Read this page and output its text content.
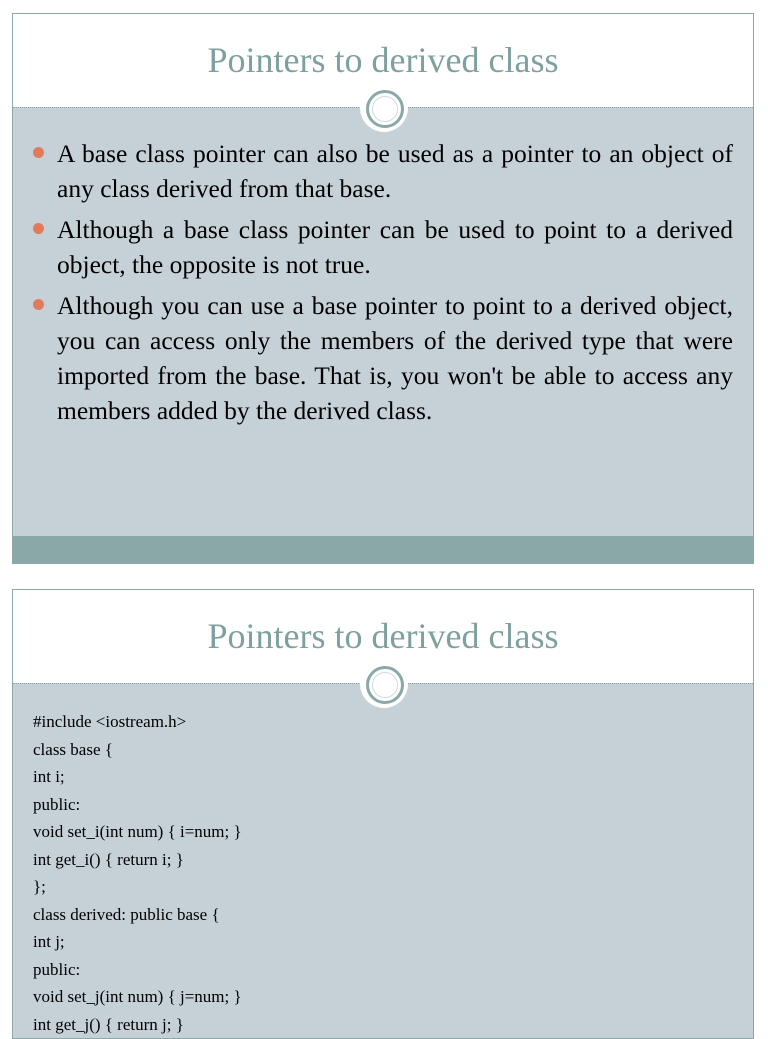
Pointers to derived class
A base class pointer can also be used as a pointer to an object of any class derived from that base.
Although a base class pointer can be used to point to a derived object, the opposite is not true.
Although you can use a base pointer to point to a derived object, you can access only the members of the derived type that were imported from the base. That is, you won't be able to access any members added by the derived class.
Pointers to derived class
#include <iostream.h>
class base {
int i;
public:
void set_i(int num) { i=num; }
int get_i() { return i; }
};
class derived: public base {
int j;
public:
void set_j(int num) { j=num; }
int get_j() { return j; }
